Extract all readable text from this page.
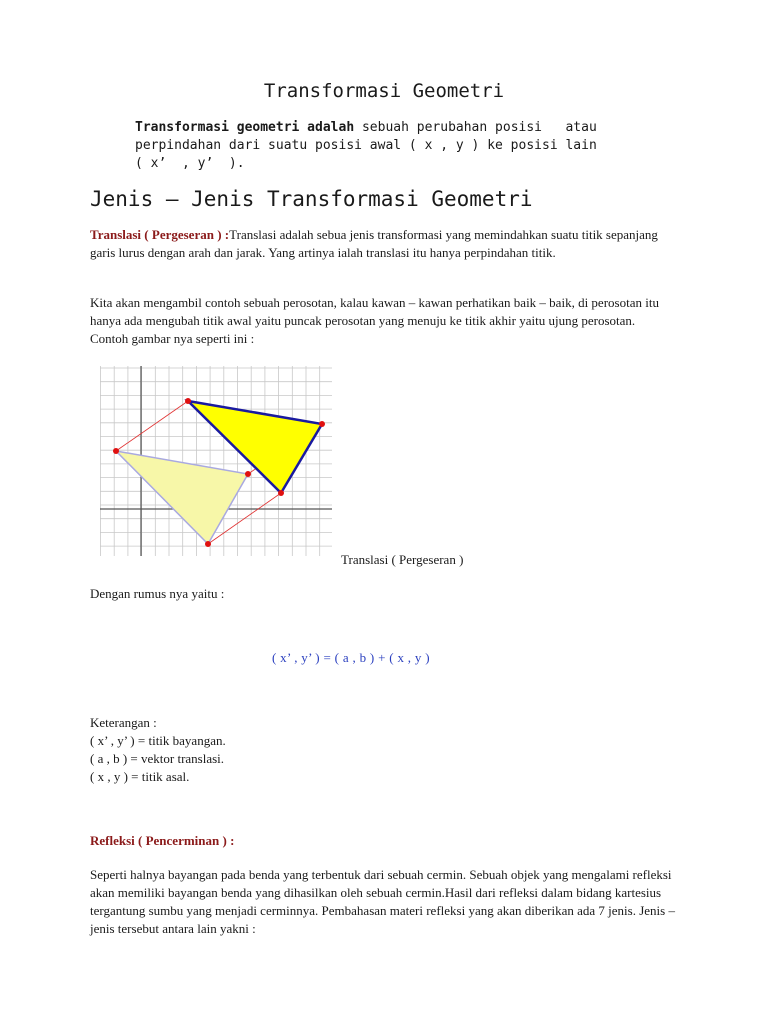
Transformasi Geometri
Transformasi geometri adalah sebuah perubahan posisi   atau
perpindahan dari suatu posisi awal ( x , y ) ke posisi lain
( x’  , y’  ).
Jenis – Jenis Transformasi Geometri
Translasi ( Pergeseran ) :Translasi adalah sebua jenis transformasi yang memindahkan suatu titik sepanjang garis lurus dengan arah dan jarak. Yang artinya ialah translasi itu hanya perpindahan titik.
Kita akan mengambil contoh sebuah perosotan, kalau kawan – kawan perhatikan baik – baik, di perosotan itu hanya ada mengubah titik awal yaitu puncak perosotan yang menuju ke titik akhir yaitu ujung perosotan. Contoh gambar nya seperti ini :
Translasi ( Pergeseran )
Dengan rumus nya yaitu :
( x’ , y’ ) = ( a , b ) + ( x , y )
Keterangan :
( x’ , y’ ) = titik bayangan.
( a , b ) = vektor translasi.
( x , y ) = titik asal.
Refleksi ( Pencerminan ) :
Seperti halnya bayangan pada benda yang terbentuk dari sebuah cermin. Sebuah objek yang mengalami refleksi akan memiliki bayangan benda yang dihasilkan oleh sebuah cermin.Hasil dari refleksi dalam bidang kartesius tergantung sumbu yang menjadi cerminnya. Pembahasan materi refleksi yang akan diberikan ada 7 jenis. Jenis – jenis tersebut antara lain yakni :
